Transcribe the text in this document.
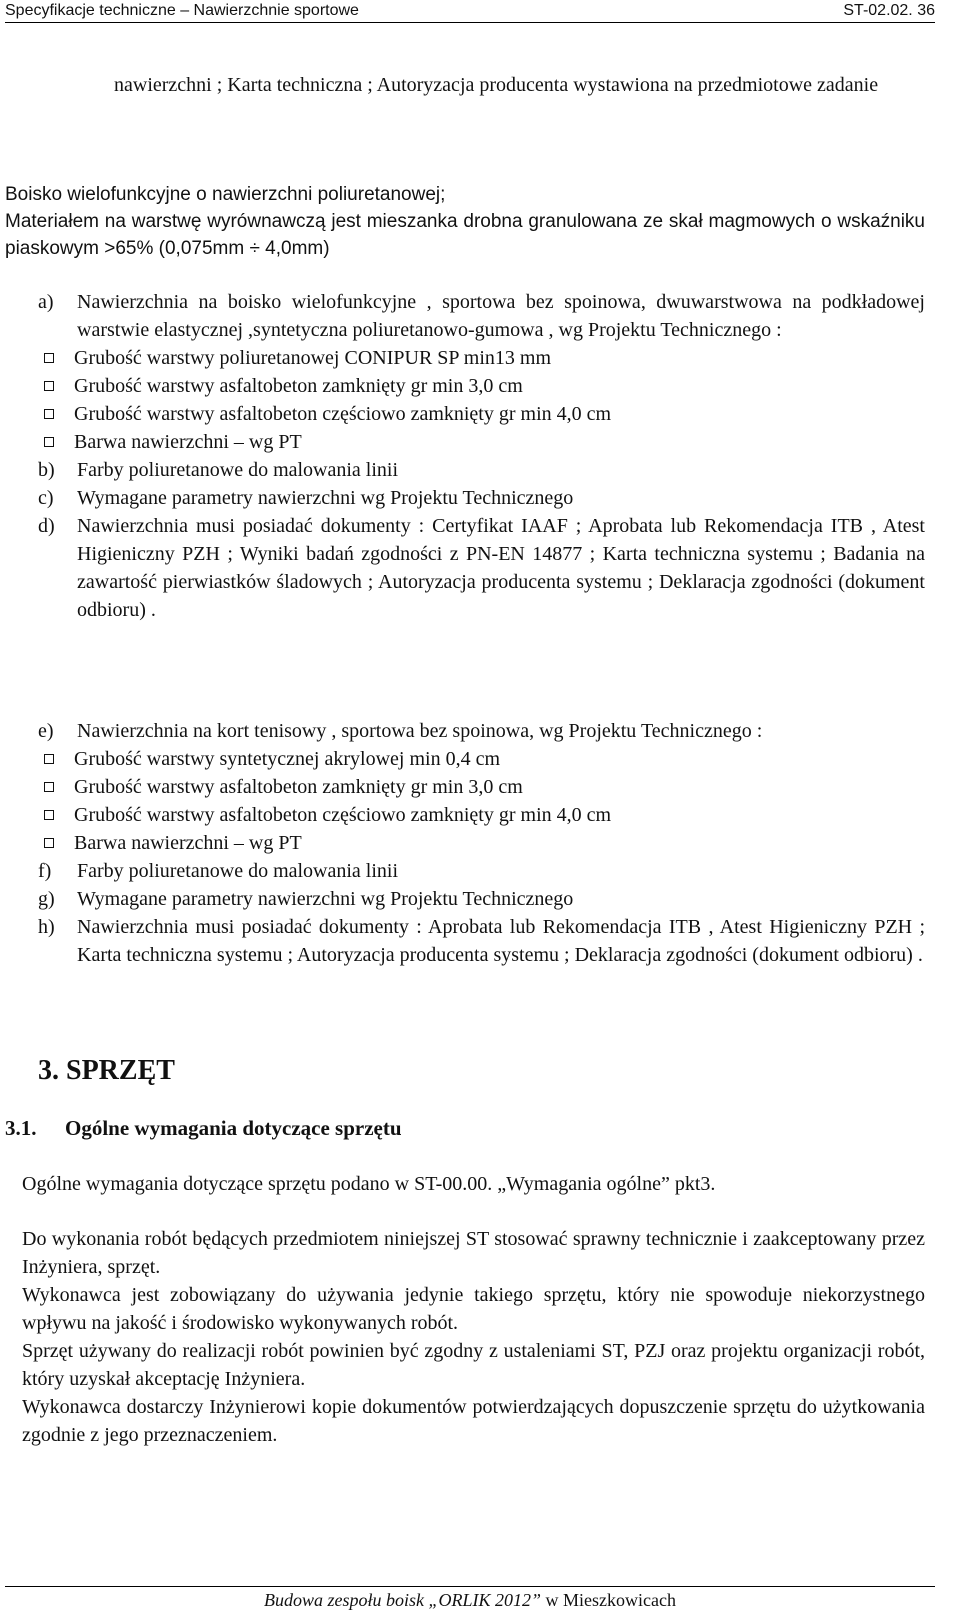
Specyfikacje techniczne – Nawierzchnie sportowe	ST-02.02. 36

nawierzchni ; Karta techniczna ; Autoryzacja producenta wystawiona na przedmiotowe zadanie

Boisko wielofunkcyjne o nawierzchni poliuretanowej;

Materiałem na warstwę wyrównawczą jest mieszanka drobna granulowana ze skał magmowych o wskaźniku piaskowym >65% (0,075mm ÷ 4,0mm)

a) Nawierzchnia na boisko wielofunkcyjne , sportowa bez spoinowa, dwuwarstwowa na podkładowej warstwie elastycznej ,syntetyczna poliuretanowo-gumowa , wg Projektu Technicznego :
Grubość warstwy poliuretanowej CONIPUR SP min13 mm
Grubość warstwy asfaltobeton zamknięty gr min 3,0 cm
Grubość warstwy asfaltobeton częściowo zamknięty gr min 4,0 cm
Barwa nawierzchni – wg PT
b) Farby poliuretanowe do malowania linii
c) Wymagane parametry nawierzchni wg Projektu Technicznego
d) Nawierzchnia musi posiadać dokumenty : Certyfikat IAAF ; Aprobata lub Rekomendacja ITB , Atest Higieniczny PZH ; Wyniki badań zgodności z PN-EN 14877 ; Karta techniczna systemu ; Badania na zawartość pierwiastków śladowych ; Autoryzacja producenta systemu ; Deklaracja zgodności (dokument odbioru) .
e) Nawierzchnia na kort tenisowy , sportowa bez spoinowa, wg Projektu Technicznego :
Grubość warstwy syntetycznej akrylowej min 0,4 cm
Grubość warstwy asfaltobeton zamknięty gr min 3,0 cm
Grubość warstwy asfaltobeton częściowo zamknięty gr min 4,0 cm
Barwa nawierzchni – wg PT
f) Farby poliuretanowe do malowania linii
g) Wymagane parametry nawierzchni wg Projektu Technicznego
h) Nawierzchnia musi posiadać dokumenty : Aprobata lub Rekomendacja ITB , Atest Higieniczny PZH ; Karta techniczna systemu ; Autoryzacja producenta systemu ; Deklaracja zgodności (dokument odbioru) .
3. SPRZĘT
3.1. Ogólne wymagania dotyczące sprzętu

Ogólne wymagania dotyczące sprzętu podano w ST-00.00. „Wymagania ogólne” pkt3.

Do wykonania robót będących przedmiotem niniejszej ST stosować sprawny technicznie i zaakceptowany przez Inżyniera, sprzęt.
Wykonawca jest zobowiązany do używania jedynie takiego sprzętu, który nie spowoduje niekorzystnego wpływu na jakość i środowisko wykonywanych robót.
Sprzęt używany do realizacji robót powinien być zgodny z ustaleniami ST, PZJ oraz projektu organizacji robót, który uzyskał akceptację Inżyniera.
Wykonawca dostarczy Inżynierowi kopie dokumentów potwierdzających dopuszczenie sprzętu do użytkowania zgodnie z jego przeznaczeniem.
Budowa zespołu boisk „ORLIK 2012” w Mieszkowicach
